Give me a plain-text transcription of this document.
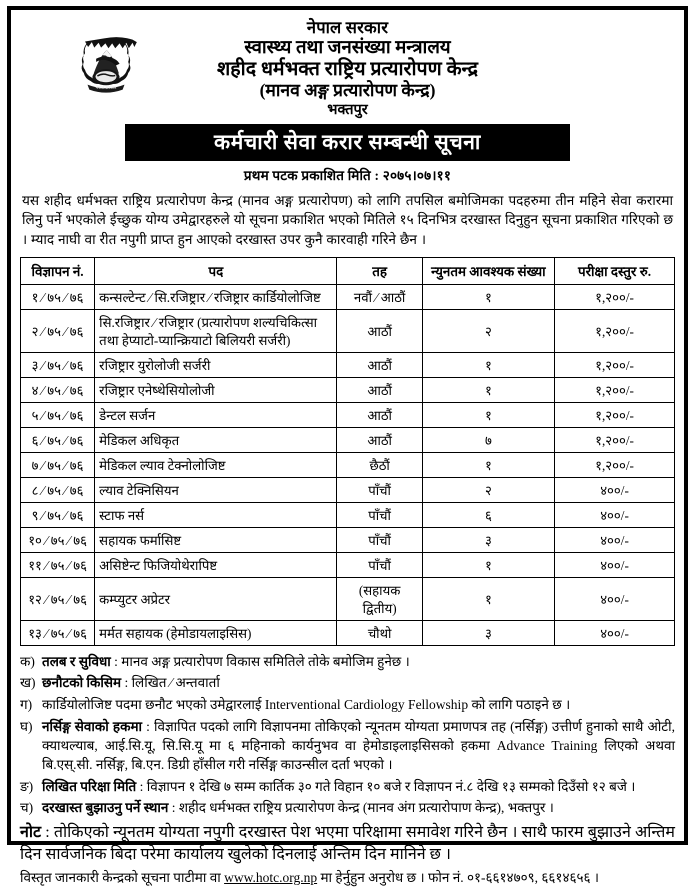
नेपाल सरकार
नेपाल सरकार
स्वास्थ्य तथा जनसंख्या मन्त्रालय
शहीद धर्मभक्त राष्ट्रिय प्रत्यारोपण केन्द्र
(मानव अङ्ग प्रत्यारोपण केन्द्र)
भक्तपुर
कर्मचारी सेवा करार सम्बन्धी सूचना
प्रथम पटक प्रकाशित मिति : २०७५।०७।११
यस शहीद धर्मभक्त राष्ट्रिय प्रत्यारोपण केन्द्र (मानव अङ्ग प्रत्यारोपण) को लागि तपसिल बमोजिमका पदहरुमा तीन महिने सेवा करारमा लिनु पर्ने भएकोले ईच्छुक योग्य उमेद्वारहरुले यो सूचना प्रकाशित भएको मितिले १५ दिनभित्र दरखास्त दिनुहुन सूचना प्रकाशित गरिएको छ । म्याद नाघी वा रीत नपुगी प्राप्त हुन आएको दरखास्त उपर कुनै कारवाही गरिने छैन ।
विज्ञापन नं.	पद	तह	न्युनतम आवश्यक संख्या	परीक्षा दस्तुर रु.
१ ⁄ ७५ ⁄ ७६	कन्सल्टेन्ट ⁄ सि.रजिष्ट्रार ⁄ रजिष्ट्रार कार्डियोलोजिष्ट	नवौं ⁄ आठौं	१	१,२००/-
२ ⁄ ७५ ⁄ ७६	सि.रजिष्ट्रार ⁄ रजिष्ट्रार (प्रत्यारोपण शल्यचिकित्सा
तथा हेप्याटो-प्यान्क्रियाटो बिलियरी सर्जरी)	आठौं	२	१,२००/-
३ ⁄ ७५ ⁄ ७६	रजिष्ट्रार युरोलोजी सर्जरी	आठौं	१	१,२००/-
४ ⁄ ७५ ⁄ ७६	रजिष्ट्रार एनेष्थेसियोलोजी	आठौं	१	१,२००/-
५ ⁄ ७५ ⁄ ७६	डेन्टल सर्जन	आठौं	१	१,२००/-
६ ⁄ ७५ ⁄ ७६	मेडिकल अधिकृत	आठौं	७	१,२००/-
७ ⁄ ७५ ⁄ ७६	मेडिकल ल्याव टेक्नोलोजिष्ट	छैठौं	१	१,२००/-
८ ⁄ ७५ ⁄ ७६	ल्याव टेक्निसियन	पाँचौं	२	४००/-
९ ⁄ ७५ ⁄ ७६	स्टाफ नर्स	पाँचौं	६	४००/-
१० ⁄ ७५ ⁄ ७६	सहायक फर्मासिष्ट	पाँचौं	३	४००/-
११ ⁄ ७५ ⁄ ७६	असिष्टेन्ट फिजियोथेरापिष्ट	पाँचौं	१	४००/-
१२ ⁄ ७५ ⁄ ७६	कम्प्युटर अप्रेटर	(सहायक द्वितीय)	१	४००/-
१३ ⁄ ७५ ⁄ ७६	मर्मत सहायक (हेमोडायलाइसिस)	चौथो	३	४००/-
क) तलब र सुविधा : मानव अङ्ग प्रत्यारोपण विकास समितिले तोके बमोजिम हुनेछ ।
ख) छनौटको किसिम : लिखित ⁄ अन्तवार्ता
ग) कार्डियोलोजिष्ट पदमा छनौट भएको उमेद्वारलाई Interventional Cardiology Fellowship को लागि पठाइने छ ।
घ) नर्सिङ्ग सेवाको हकमा : विज्ञापित पदको लागि विज्ञापनमा तोकिएको न्यूनतम योग्यता प्रमाणपत्र तह (नर्सिङ्ग) उत्तीर्ण हुनाको साथै ओटी, क्याथल्याब, आई.सि.यू, सि.सि.यू मा ६ महिनाको कार्यनुभव वा हेमोडाइलाइसिसको हकमा Advance Training लिएको अथवा बि.एस्.सी. नर्सिङ्ग, बि.एन. डिग्री हाँसील गरी नर्सिङ्ग काउन्सील दर्ता भएको ।
ङ) लिखित परिक्षा मिति : विज्ञापन १ देखि ७ सम्म कार्तिक ३० गते विहान १० बजे र विज्ञापन नं.८ देखि १३ सम्मको दिउँसो १२ बजे ।
च) दरखास्त बुझाउनु पर्ने स्थान : शहीद धर्मभक्त राष्ट्रिय प्रत्यारोपण केन्द्र (मानव अंग प्रत्यारोपाण केन्द्र), भक्तपुर ।
नोट : तोकिएको न्यूनतम योग्यता नपुगी दरखास्त पेश भएमा परिक्षामा समावेश गरिने छैन । साथै फारम बुझाउने अन्तिम दिन सार्वजनिक बिदा परेमा कार्यालय खुलेको दिनलाई अन्तिम दिन मानिने छ ।
विस्तृत जानकारी केन्द्रको सूचना पाटीमा वा www.hotc.org.np मा हेर्नुहुन अनुरोध छ । फोन नं. ०१-६६१४७०९, ६६१४६५६ ।
